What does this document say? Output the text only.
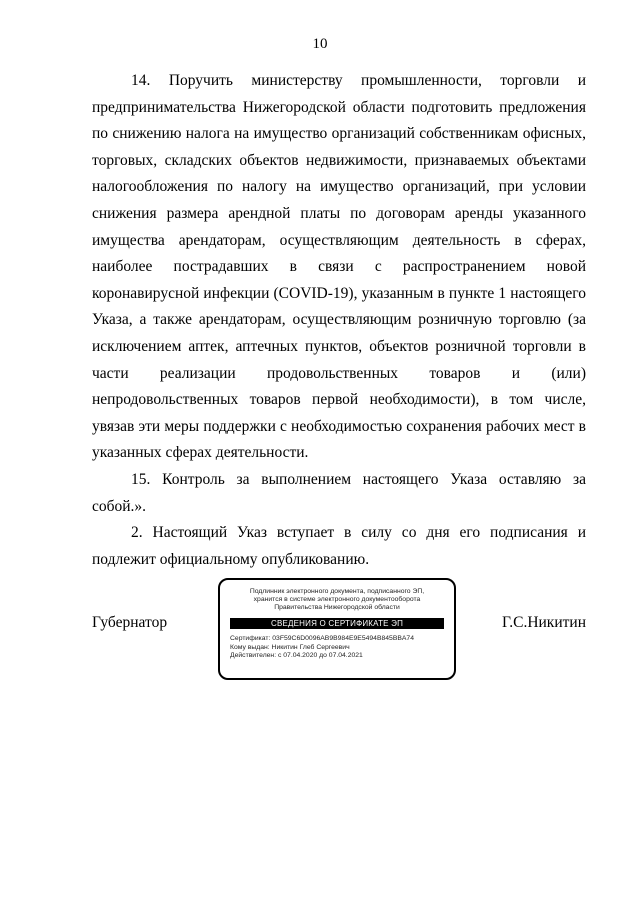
10

14. Поручить министерству промышленности, торговли и предпринимательства Нижегородской области подготовить предложения по снижению налога на имущество организаций собственникам офисных, торговых, складских объектов недвижимости, признаваемых объектами налогообложения по налогу на имущество организаций, при условии снижения размера арендной платы по договорам аренды указанного имущества арендаторам, осуществляющим деятельность в сферах, наиболее пострадавших в связи с распространением новой коронавирусной инфекции (COVID-19), указанным в пункте 1 настоящего Указа, а также арендаторам, осуществляющим розничную торговлю (за исключением аптек, аптечных пунктов, объектов розничной торговли в части реализации продовольственных товаров и (или) непродовольственных товаров первой необходимости), в том числе, увязав эти меры поддержки с необходимостью сохранения рабочих мест в указанных сферах деятельности.

15. Контроль за выполнением настоящего Указа оставляю за собой.».

2. Настоящий Указ вступает в силу со дня его подписания и подлежит официальному опубликованию.

Губернатор
Подлинник электронного документа, подписанного ЭП,
хранится в системе электронного документооборота
Правительства Нижегородской области
СВЕДЕНИЯ О СЕРТИФИКАТЕ ЭП
Сертификат: 03F59C6D0096AB9B984E9E5494B845BBA74
Кому выдан: Никитин Глеб Сергеевич
Действителен: с 07.04.2020 до 07.04.2021
Г.С.Никитин
